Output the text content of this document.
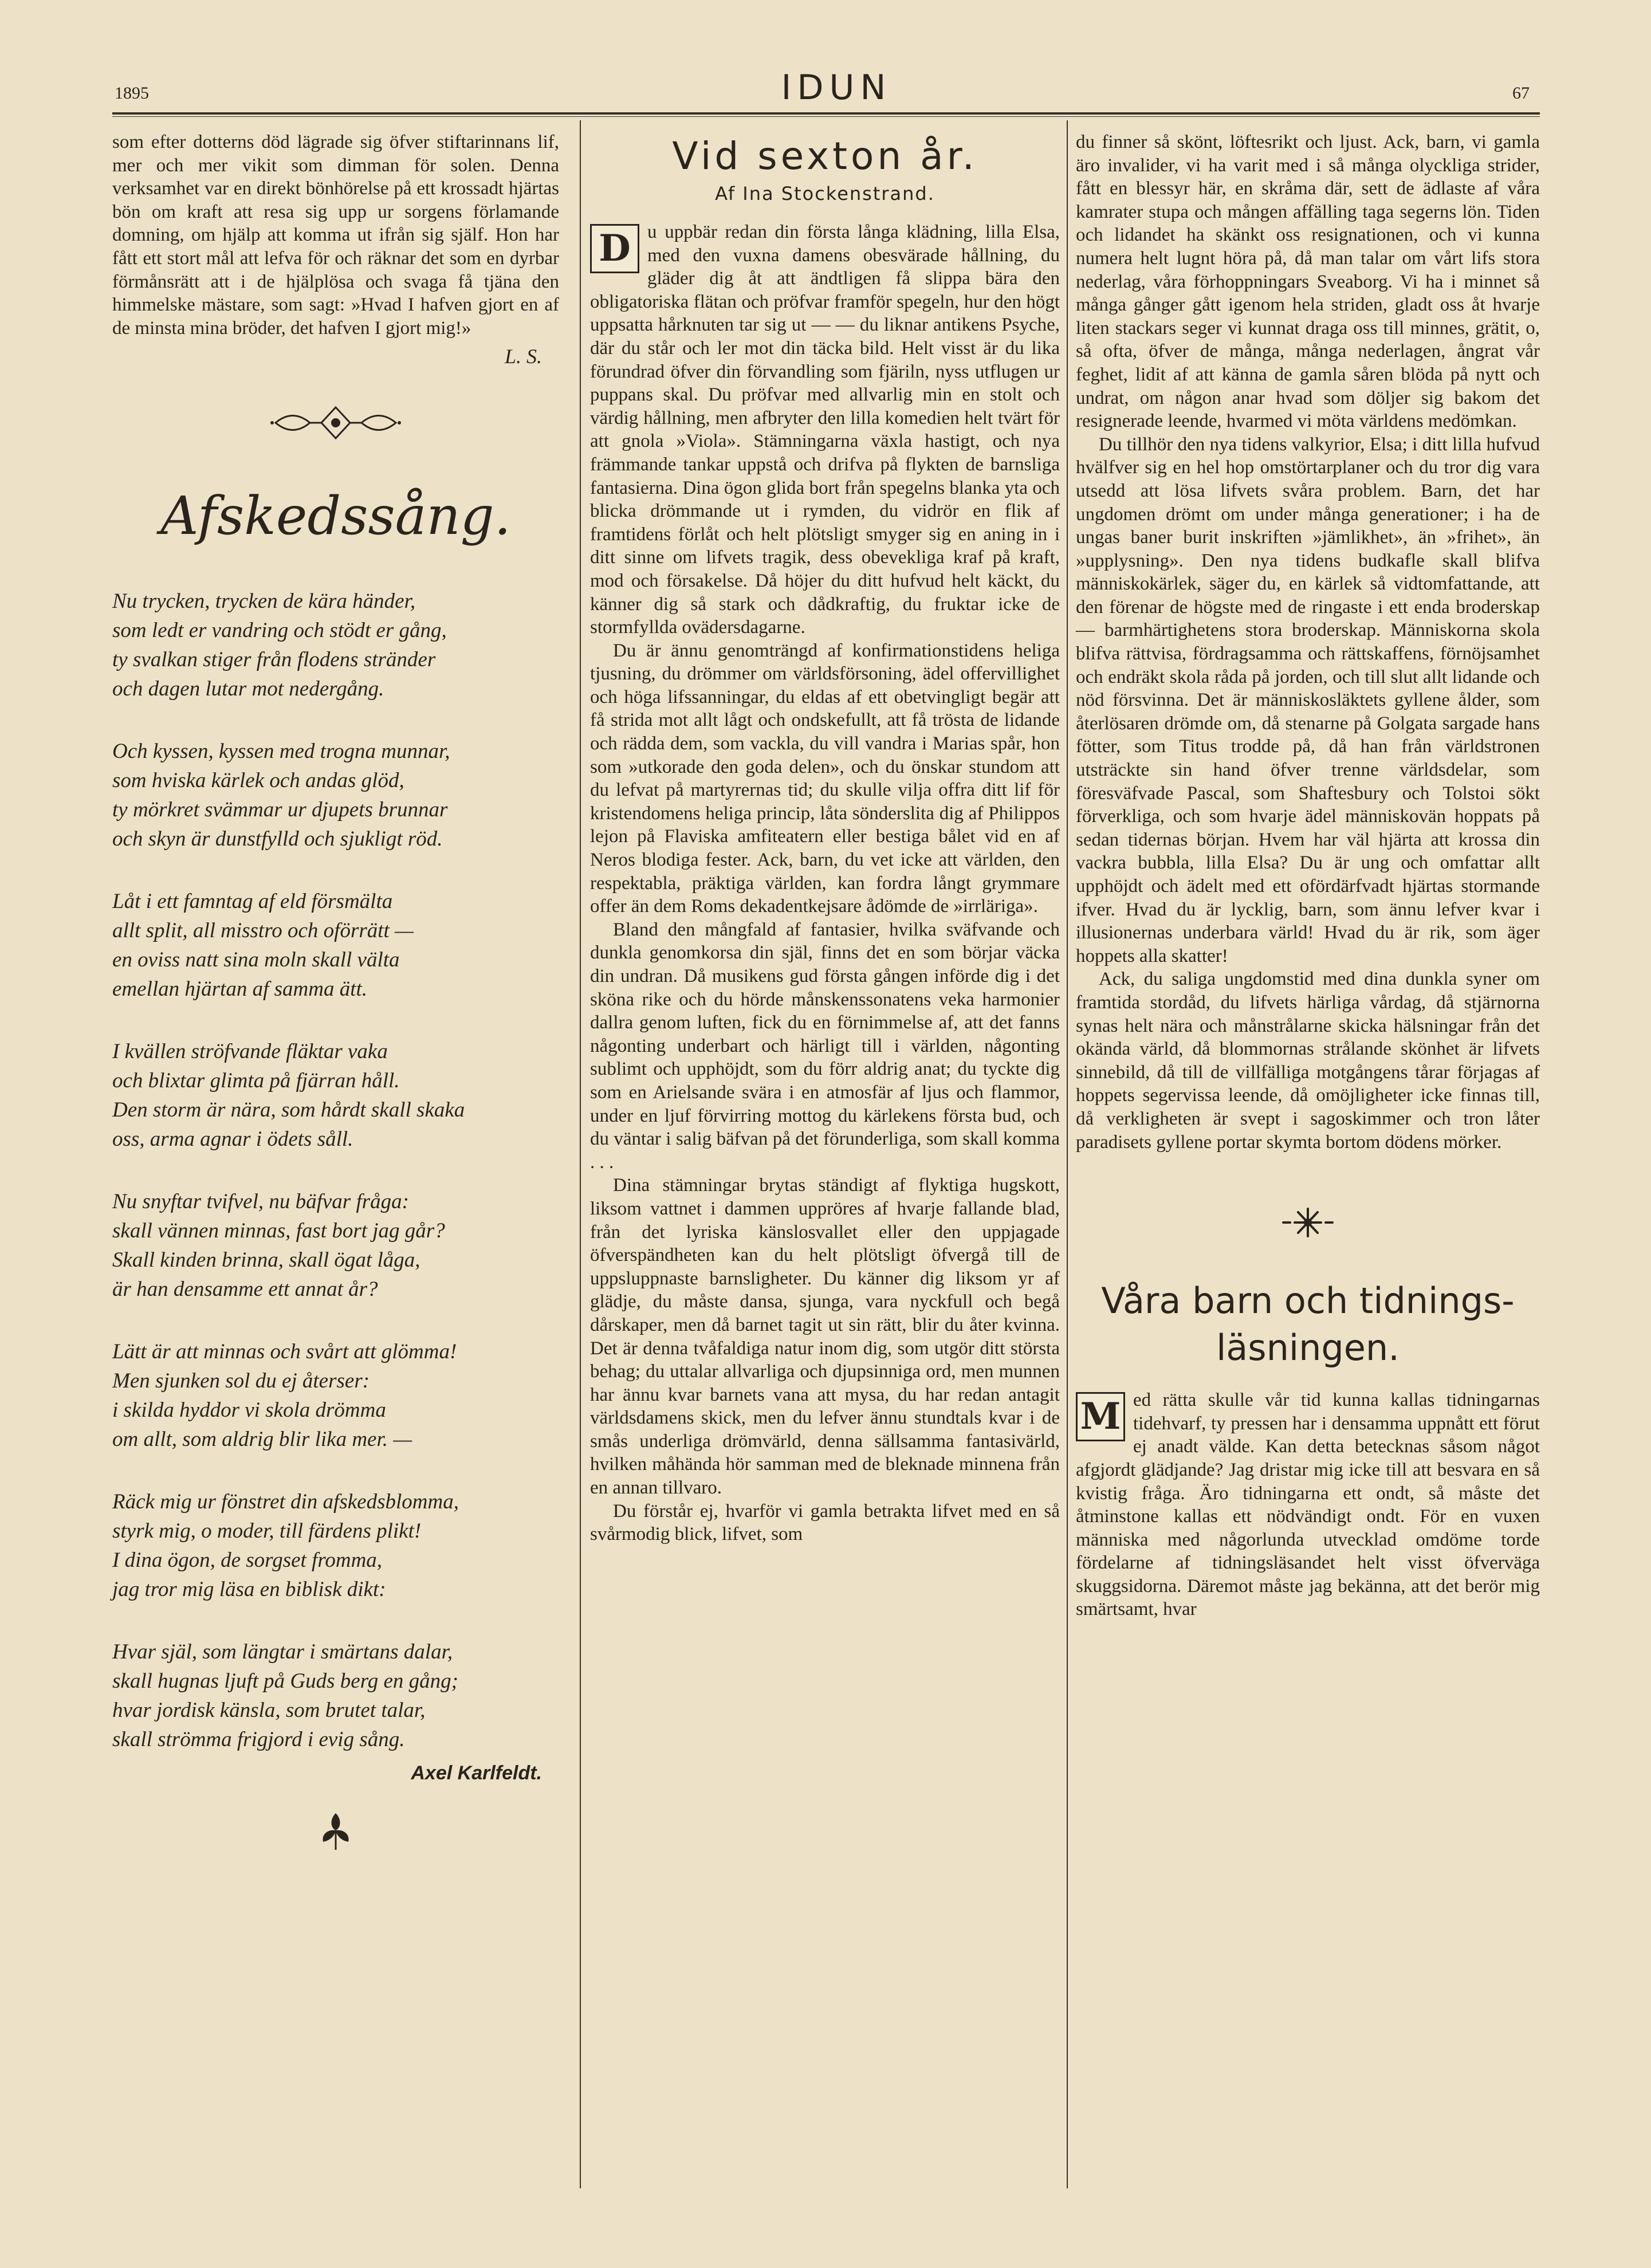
1895	IDUN	67

som efter dotterns död lägrade sig öfver stiftarinnans lif, mer och mer vikit som dimman för solen. Denna verksamhet var en direkt bönhörelse på ett krossadt hjärtas bön om kraft att resa sig upp ur sorgens förlamande domning, om hjälp att komma ut ifrån sig själf. Hon har fått ett stort mål att lefva för och räknar det som en dyrbar förmånsrätt att i de hjälplösa och svaga få tjäna den himmelske mästare, som sagt: »Hvad I hafven gjort en af de minsta mina bröder, det hafven I gjort mig!»

L. S.
Afskedssång.
Nu trycken, trycken de kära händer,
som ledt er vandring och stödt er gång,
ty svalkan stiger från flodens stränder
och dagen lutar mot nedergång.
Och kyssen, kyssen med trogna munnar,
som hviska kärlek och andas glöd,
ty mörkret svämmar ur djupets brunnar
och skyn är dunstfylld och sjukligt röd.
Låt i ett famntag af eld försmälta
allt split, all misstro och oförrätt —
en oviss natt sina moln skall välta
emellan hjärtan af samma ätt.
I kvällen ströfvande fläktar vaka
och blixtar glimta på fjärran håll.
Den storm är nära, som hårdt skall skaka
oss, arma agnar i ödets såll.
Nu snyftar tvifvel, nu bäfvar fråga:
skall vännen minnas, fast bort jag går?
Skall kinden brinna, skall ögat låga,
är han densamme ett annat år?
Lätt är att minnas och svårt att glömma!
Men sjunken sol du ej återser:
i skilda hyddor vi skola drömma
om allt, som aldrig blir lika mer. —
Räck mig ur fönstret din afskedsblomma,
styrk mig, o moder, till färdens plikt!
I dina ögon, de sorgset fromma,
jag tror mig läsa en biblisk dikt:
Hvar själ, som längtar i smärtans dalar,
skall hugnas ljuft på Guds berg en gång;
hvar jordisk känsla, som brutet talar,
skall strömma frigjord i evig sång.
Axel Karlfeldt.
Vid sexton år.
Af Ina Stockenstrand.

D u uppbär redan din första långa klädning, lilla Elsa, med den vuxna damens obesvärade hållning, du gläder dig åt att ändtligen få slippa bära den obligatoriska flätan och pröfvar framför spegeln, hur den högt uppsatta hårknuten tar sig ut — — du liknar antikens Psyche, där du står och ler mot din täcka bild. Helt visst är du lika förundrad öfver din förvandling som fjäriln, nyss utflugen ur puppans skal. Du pröfvar med allvarlig min en stolt och värdig hållning, men afbryter den lilla komedien helt tvärt för att gnola »Viola». Stämningarna växla hastigt, och nya främmande tankar uppstå och drifva på flykten de barnsliga fantasierna. Dina ögon glida bort från spegelns blanka yta och blicka drömmande ut i rymden, du vidrör en flik af framtidens förlåt och helt plötsligt smyger sig en aning in i ditt sinne om lifvets tragik, dess obevekliga kraf på kraft, mod och försakelse. Då höjer du ditt hufvud helt käckt, du känner dig så stark och dådkraftig, du fruktar icke de stormfyllda ovädersdagarne.

Du är ännu genomträngd af konfirmationstidens heliga tjusning, du drömmer om världsförsoning, ädel offervillighet och höga lifssanningar, du eldas af ett obetvingligt begär att få strida mot allt lågt och ondskefullt, att få trösta de lidande och rädda dem, som vackla, du vill vandra i Marias spår, hon som »utkorade den goda delen», och du önskar stundom att du lefvat på martyrernas tid; du skulle vilja offra ditt lif för kristendomens heliga princip, låta sönderslita dig af Philippos lejon på Flaviska amfiteatern eller bestiga bålet vid en af Neros blodiga fester. Ack, barn, du vet icke att världen, den respektabla, präktiga världen, kan fordra långt grymmare offer än dem Roms dekadentkejsare ådömde de »irrläriga».

Bland den mångfald af fantasier, hvilka sväfvande och dunkla genomkorsa din själ, finns det en som börjar väcka din undran. Då musikens gud första gången införde dig i det sköna rike och du hörde månskenssonatens veka harmonier dallra genom luften, fick du en förnimmelse af, att det fanns någonting underbart och härligt till i världen, någonting sublimt och upphöjdt, som du förr aldrig anat; du tyckte dig som en Arielsande svära i en atmosfär af ljus och flammor, under en ljuf förvirring mottog du kärlekens första bud, och du väntar i salig bäfvan på det förunderliga, som skall komma . . .

Dina stämningar brytas ständigt af flyktiga hugskott, liksom vattnet i dammen uppröres af hvarje fallande blad, från det lyriska känslosvallet eller den uppjagade öfverspändheten kan du helt plötsligt öfvergå till de uppsluppnaste barnsligheter. Du känner dig liksom yr af glädje, du måste dansa, sjunga, vara nyckfull och begå dårskaper, men då barnet tagit ut sin rätt, blir du åter kvinna. Det är denna tvåfaldiga natur inom dig, som utgör ditt största behag; du uttalar allvarliga och djupsinniga ord, men munnen har ännu kvar barnets vana att mysa, du har redan antagit världsdamens skick, men du lefver ännu stundtals kvar i de smås underliga drömvärld, denna sällsamma fantasivärld, hvilken måhända hör samman med de bleknade minnena från en annan tillvaro.

Du förstår ej, hvarför vi gamla betrakta lifvet med en så svårmodig blick, lifvet, som

du finner så skönt, löftesrikt och ljust. Ack, barn, vi gamla äro invalider, vi ha varit med i så många olyckliga strider, fått en blessyr här, en skråma där, sett de ädlaste af våra kamrater stupa och mången affälling taga segerns lön. Tiden och lidandet ha skänkt oss resignationen, och vi kunna numera helt lugnt höra på, då man talar om vårt lifs stora nederlag, våra förhoppningars Sveaborg. Vi ha i minnet så många gånger gått igenom hela striden, gladt oss åt hvarje liten stackars seger vi kunnat draga oss till minnes, grätit, o, så ofta, öfver de många, många nederlagen, ångrat vår feghet, lidit af att känna de gamla såren blöda på nytt och undrat, om någon anar hvad som döljer sig bakom det resignerade leende, hvarmed vi möta världens medömkan.

Du tillhör den nya tidens valkyrior, Elsa; i ditt lilla hufvud hvälfver sig en hel hop omstörtarplaner och du tror dig vara utsedd att lösa lifvets svåra problem. Barn, det har ungdomen drömt om under många generationer; i ha de ungas baner burit inskriften »jämlikhet», än »frihet», än »upplysning». Den nya tidens budkafle skall blifva människokärlek, säger du, en kärlek så vidtomfattande, att den förenar de högste med de ringaste i ett enda broderskap — barmhärtighetens stora broderskap. Människorna skola blifva rättvisa, fördragsamma och rättskaffens, förnöjsamhet och endräkt skola råda på jorden, och till slut allt lidande och nöd försvinna. Det är människosläktets gyllene ålder, som återlösaren drömde om, då stenarne på Golgata sargade hans fötter, som Titus trodde på, då han från världstronen utsträckte sin hand öfver trenne världsdelar, som föresväfvade Pascal, som Shaftesbury och Tolstoi sökt förverkliga, och som hvarje ädel människovän hoppats på sedan tidernas början. Hvem har väl hjärta att krossa din vackra bubbla, lilla Elsa? Du är ung och omfattar allt upphöjdt och ädelt med ett ofördärfvadt hjärtas stormande ifver. Hvad du är lycklig, barn, som ännu lefver kvar i illusionernas underbara värld! Hvad du är rik, som äger hoppets alla skatter!

Ack, du saliga ungdomstid med dina dunkla syner om framtida stordåd, du lifvets härliga vårdag, då stjärnorna synas helt nära och månstrålarne skicka hälsningar från det okända värld, då blommornas strålande skönhet är lifvets sinnebild, då till de villfälliga motgångens tårar förjagas af hoppets segervissa leende, då omöjligheter icke finnas till, då verkligheten är svept i sagoskimmer och tron låter paradisets gyllene portar skymta bortom dödens mörker.

Våra barn och tidnings-
läsningen.

M ed rätta skulle vår tid kunna kallas tidningarnas tidehvarf, ty pressen har i densamma uppnått ett förut ej anadt välde. Kan detta betecknas såsom något afgjordt glädjande? Jag dristar mig icke till att besvara en så kvistig fråga. Äro tidningarna ett ondt, så måste det åtminstone kallas ett nödvändigt ondt. För en vuxen människa med någorlunda utvecklad omdöme torde fördelarne af tidningsläsandet helt visst öfverväga skuggsidorna. Däremot måste jag bekänna, att det berör mig smärtsamt, hvar
